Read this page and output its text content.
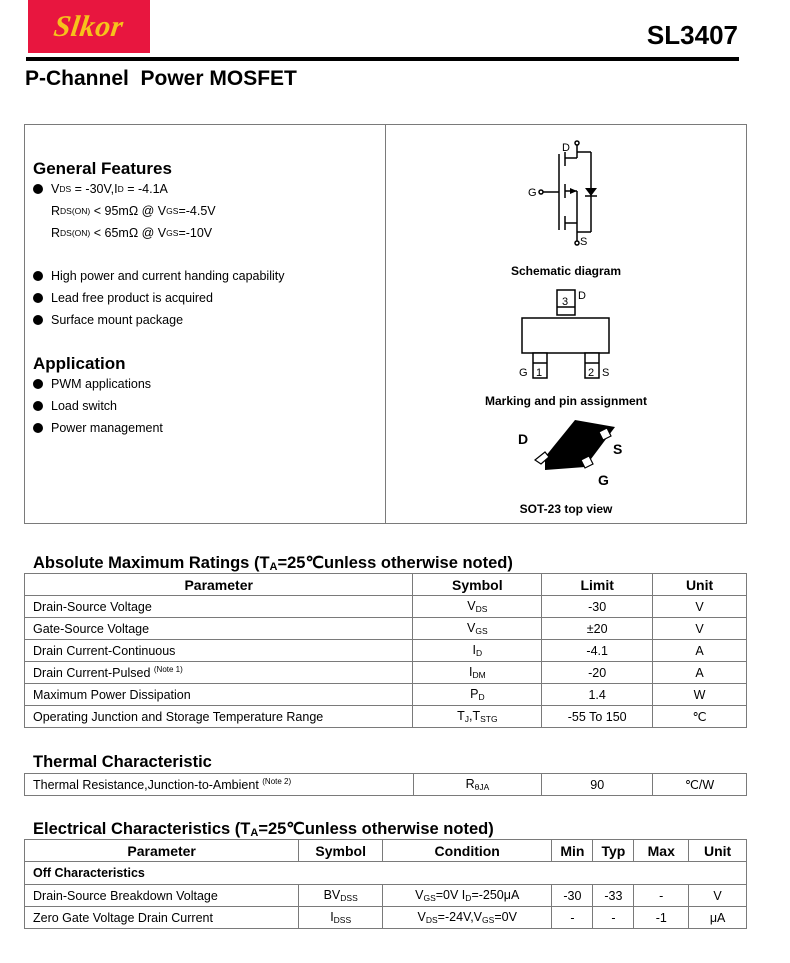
Slkor	SL3407
P-Channel  Power MOSFET
General Features
V DS = -30V,I D = -4.1A
R DS(ON) < 95mΩ @ V GS =-4.5V
R DS(ON) < 65mΩ @ V GS =-10V
High power and current handing capability
Lead free product is acquired
Surface mount package
Application
PWM applications
Load switch
Power management
D
G
S
Schematic diagram
3 D
1
G	2 S
Marking and pin assignment
D
S
G
SOT-23 top view
Absolute Maximum Ratings ($T_A=25℃unless$ otherwise noted)
Parameter	Symbol	Limit	Unit
Drain-Source Voltage	$V_{DS}$	-30	V
Gate-Source Voltage	$V_{GS}$	±20	V
Drain Current-Continuous	$I_D$	-4.1	A
Drain Current-Pulsed $^{(Note 1)}$	$I_{DM}$	-20	A
Maximum Power Dissipation	$P_D$	1.4	W
Operating Junction and Storage Temperature Range	$T_J,T_{STG}$	-55 To 150	℃
Thermal Characteristic
Thermal Resistance,Junction-to-Ambient $^{(Note 2)}$	$R_{\theta JA}$	90	℃/W
Electrical Characteristics ($T_A=25℃unless$ otherwise noted)
Parameter	Symbol	Condition	Min	Typ	Max	Unit
Off Characteristics						
Drain-Source Breakdown Voltage	$BV_{DSS}$	$V_{GS}=0V$ $I_D=-250\mu A$	-30	-33	-	V
Zero Gate Voltage Drain Current	$I_{DSS}$	$V_{DS}=-24V,V_{GS}=0V$	-	-	-1	μA
